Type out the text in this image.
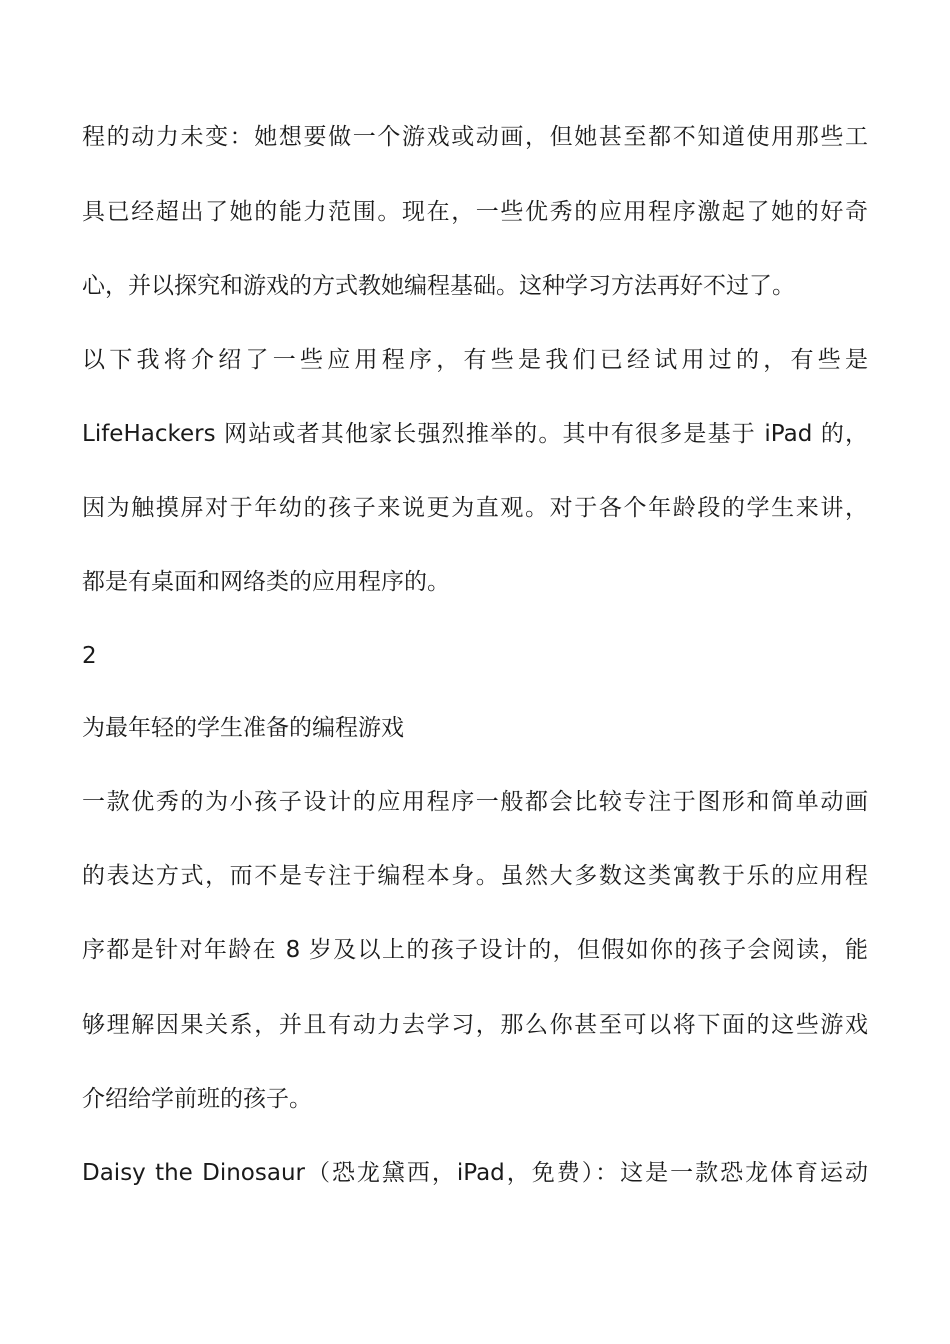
程的动力未变：她想要做一个游戏或动画，但她甚至都不知道使用那些工
具已经超出了她的能力范围。现在，一些优秀的应用程序激起了她的好奇
心，并以探究和游戏的方式教她编程基础。这种学习方法再好不过了。
以下我将介绍了一些应用程序，有些是我们已经试用过的，有些是
LifeHackers 网站或者其他家长强烈推举的。其中有很多是基于 iPad 的，
因为触摸屏对于年幼的孩子来说更为直观。对于各个年龄段的学生来讲，
都是有桌面和网络类的应用程序的。
2
为最年轻的学生准备的编程游戏
一款优秀的为小孩子设计的应用程序一般都会比较专注于图形和简单动画
的表达方式，而不是专注于编程本身。虽然大多数这类寓教于乐的应用程
序都是针对年龄在 8 岁及以上的孩子设计的，但假如你的孩子会阅读，能
够理解因果关系，并且有动力去学习，那么你甚至可以将下面的这些游戏
介绍给学前班的孩子。
Daisy the Dinosaur（恐龙黛西，iPad，免费）：这是一款恐龙体育运动
